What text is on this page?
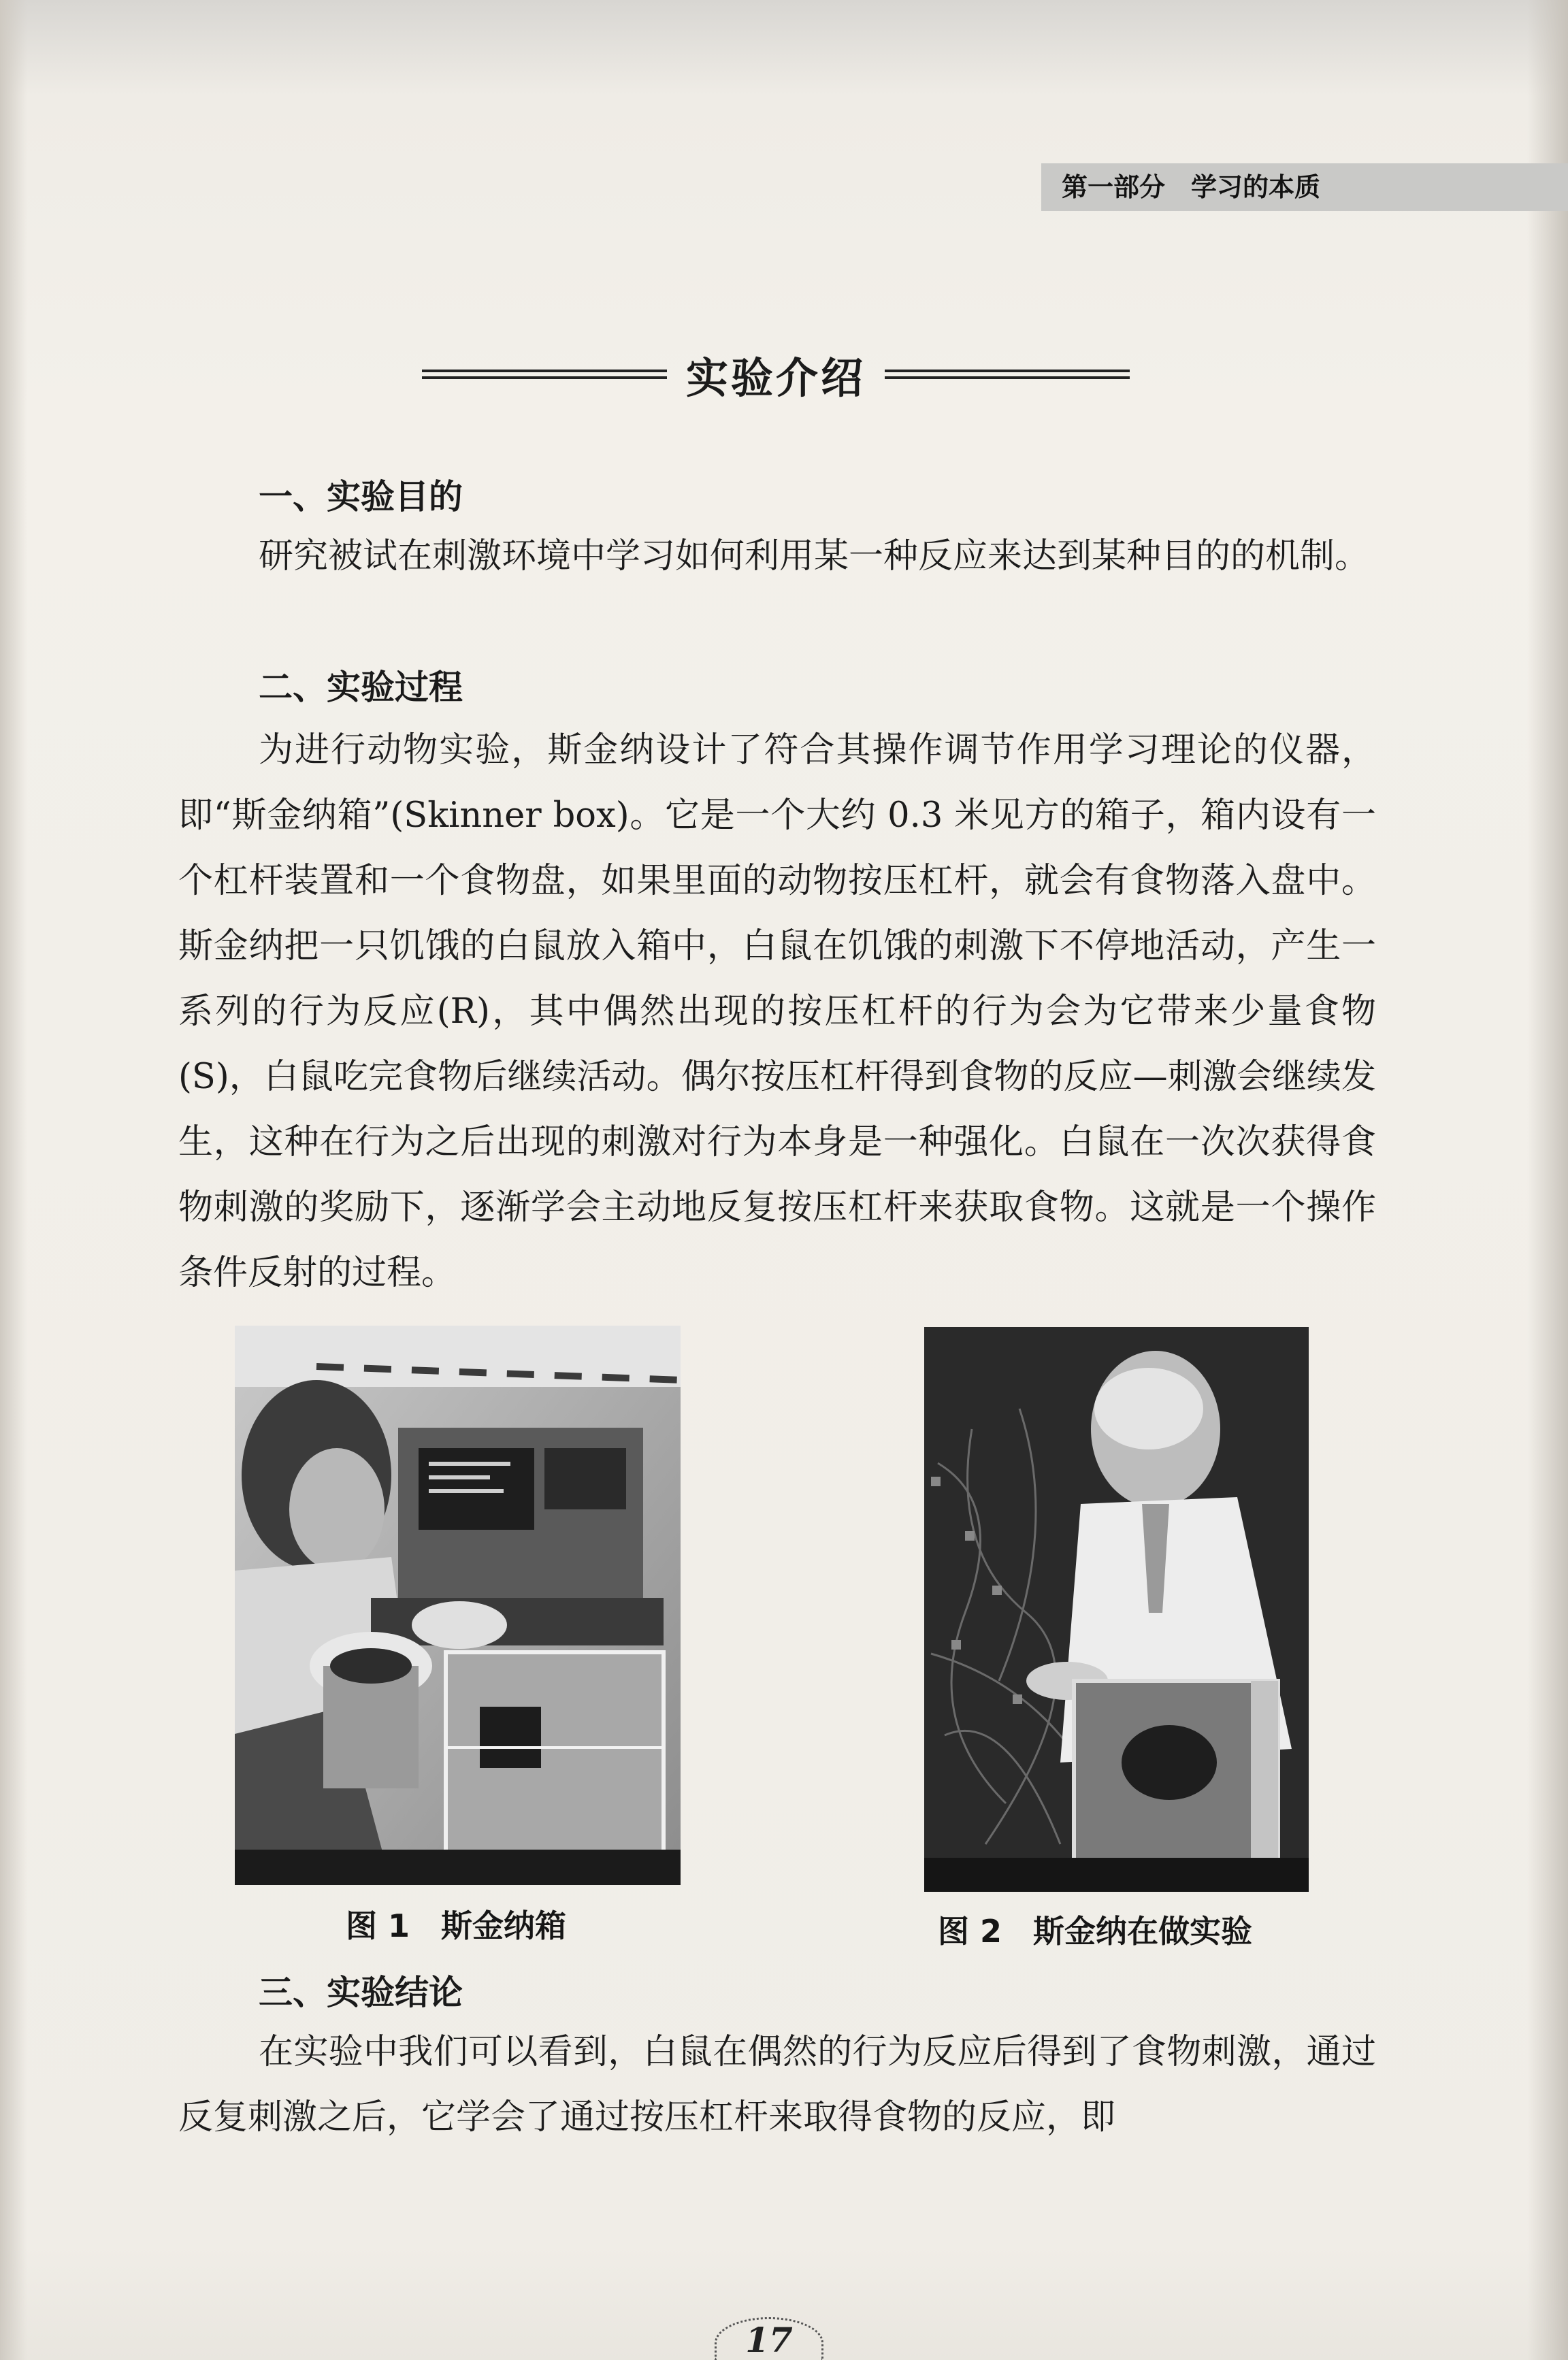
第一部分　学习的本质
实验介绍
一、实验目的
研究被试在刺激环境中学习如何利用某一种反应来达到某种目的的机制。
二、实验过程
为进行动物实验，斯金纳设计了符合其操作调节作用学习理论的仪器，即“斯金纳箱”(Skinner box)。它是一个大约 0.3 米见方的箱子，箱内设有一个杠杆装置和一个食物盘，如果里面的动物按压杠杆，就会有食物落入盘中。斯金纳把一只饥饿的白鼠放入箱中，白鼠在饥饿的刺激下不停地活动，产生一系列的行为反应(R)，其中偶然出现的按压杠杆的行为会为它带来少量食物(S)，白鼠吃完食物后继续活动。偶尔按压杠杆得到食物的反应—刺激会继续发生，这种在行为之后出现的刺激对行为本身是一种强化。白鼠在一次次获得食物刺激的奖励下，逐渐学会主动地反复按压杠杆来获取食物。这就是一个操作条件反射的过程。
图 1　斯金纳箱	图 2　斯金纳在做实验
三、实验结论
在实验中我们可以看到，白鼠在偶然的行为反应后得到了食物刺激，通过反复刺激之后，它学会了通过按压杠杆来取得食物的反应，即
17
